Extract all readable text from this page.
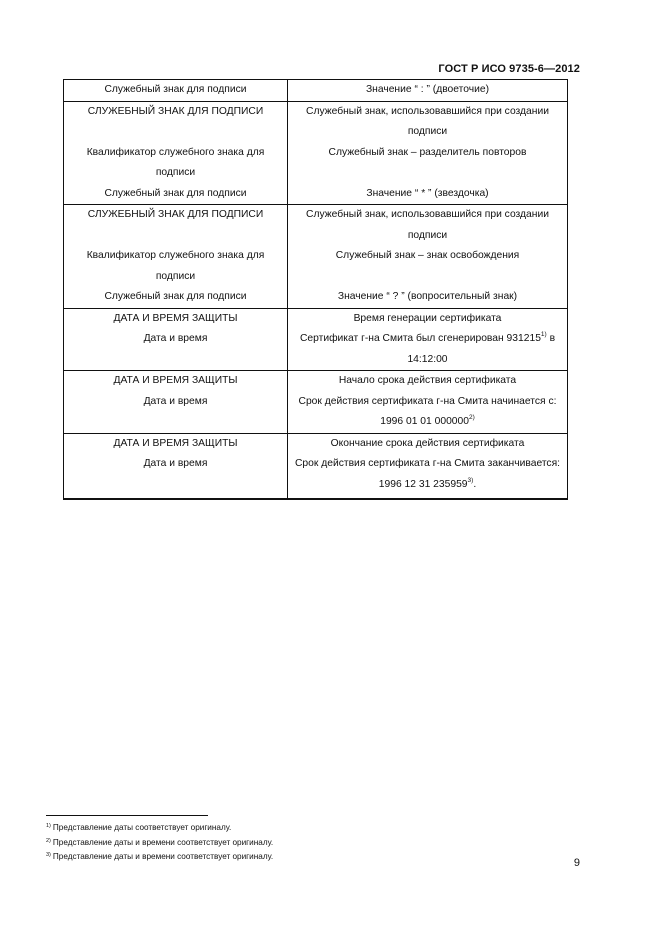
ГОСТ Р ИСО 9735-6—2012
Служебный знак для подписи	Значение “ : ” (двоеточие)
СЛУЖЕБНЫЙ ЗНАК ДЛЯ ПОДПИСИ	Служебный знак, использовавшийся при создании подписи
Квалификатор служебного знака для подписи	Служебный знак – разделитель повторов
Служебный знак для подписи	Значение “ * ” (звездочка)
СЛУЖЕБНЫЙ ЗНАК ДЛЯ ПОДПИСИ	Служебный знак, использовавшийся при создании подписи
Квалификатор служебного знака для подписи	Служебный знак – знак освобождения
Служебный знак для подписи	Значение “ ? ” (вопросительный знак)
ДАТА И ВРЕМЯ ЗАЩИТЫ	Время генерации сертификата
Дата и время	Сертификат г-на Смита был сгенерирован 931215$^{1)}$ в 14:12:00
ДАТА И ВРЕМЯ ЗАЩИТЫ	Начало срока действия сертификата
Дата и время	Срок действия сертификата г-на Смита начинается с: 1996 01 01 000000$^{2)}$
ДАТА И ВРЕМЯ ЗАЩИТЫ	Окончание срока действия сертификата
Дата и время	Срок действия сертификата г-на Смита заканчивается: 1996 12 31 235959$^{3)}$.
$^{1)}$ Представление даты соответствует оригиналу.
$^{2)}$ Представление даты и времени соответствует оригиналу.
$^{3)}$ Представление даты и времени соответствует оригиналу.
9
